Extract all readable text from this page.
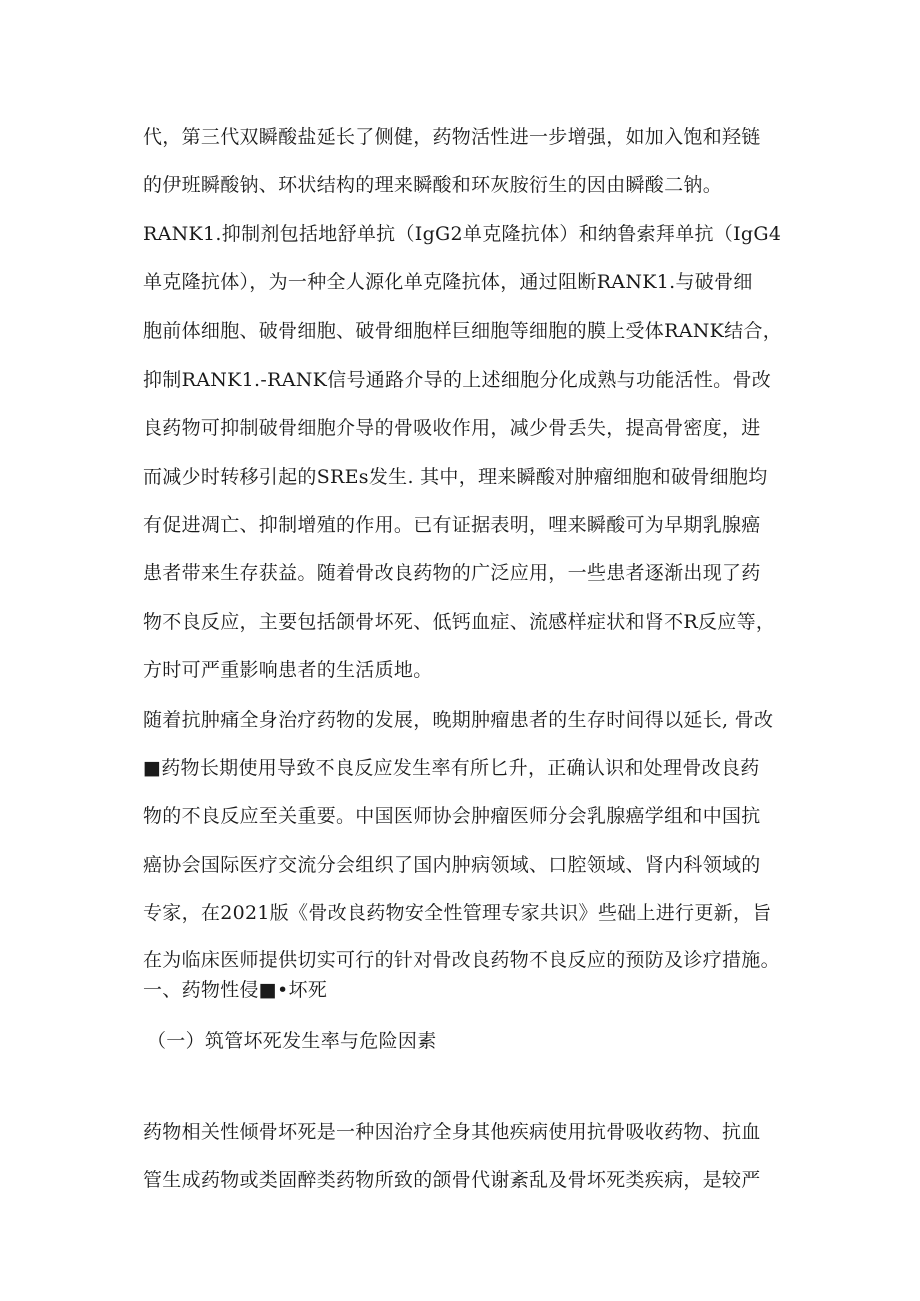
代，第三代双瞬酸盐延长了侧健，药物活性进一步增强，如加入饱和羟链
的伊班瞬酸钠、环状结构的理来瞬酸和环灰胺衍生的因由瞬酸二钠。
RANK1.抑制剂包括地舒单抗（IgG2单克隆抗体）和纳鲁索拜单抗（IgG4
单克隆抗体），为一种全人源化单克隆抗体，通过阻断RANK1.与破骨细
胞前体细胞、破骨细胞、破骨细胞样巨细胞等细胞的膜上受体RANK结合，
抑制RANK1.-RANK信号通路介导的上述细胞分化成熟与功能活性。骨改
良药物可抑制破骨细胞介导的骨吸收作用，减少骨丢失，提高骨密度，进
而减少时转移引起的SREs发生. 其中，理来瞬酸对肿瘤细胞和破骨细胞均
有促进凋亡、抑制增殖的作用。已有证据表明，哩来瞬酸可为早期乳腺癌
患者带来生存获益。随着骨改良药物的广泛应用，一些患者逐渐出现了药
物不良反应，主要包括颌骨坏死、低钙血症、流感样症状和肾不R反应等，
方时可严重影响患者的生活质地。
随着抗肿痛全身治疗药物的发展，晚期肿瘤患者的生存时间得以延长, 骨改
■药物长期使用导致不良反应发生率有所匕升，正确认识和处理骨改良药
物的不良反应至关重要。中国医师协会肿瘤医师分会乳腺癌学组和中国抗
癌协会国际医疗交流分会组织了国内肿病领域、口腔领域、肾内科领域的
专家，在2021版《骨改良药物安全性管理专家共识》些础上进行更新，旨
在为临床医师提供切实可行的针对骨改良药物不良反应的预防及诊疗措施。
一、药物性侵■•坏死
（一）筑管坏死发生率与危险因素
药物相关性倾骨坏死是一种因治疗全身其他疾病使用抗骨吸收药物、抗血
管生成药物或类固醉类药物所致的颌骨代谢紊乱及骨坏死类疾病，是较严
